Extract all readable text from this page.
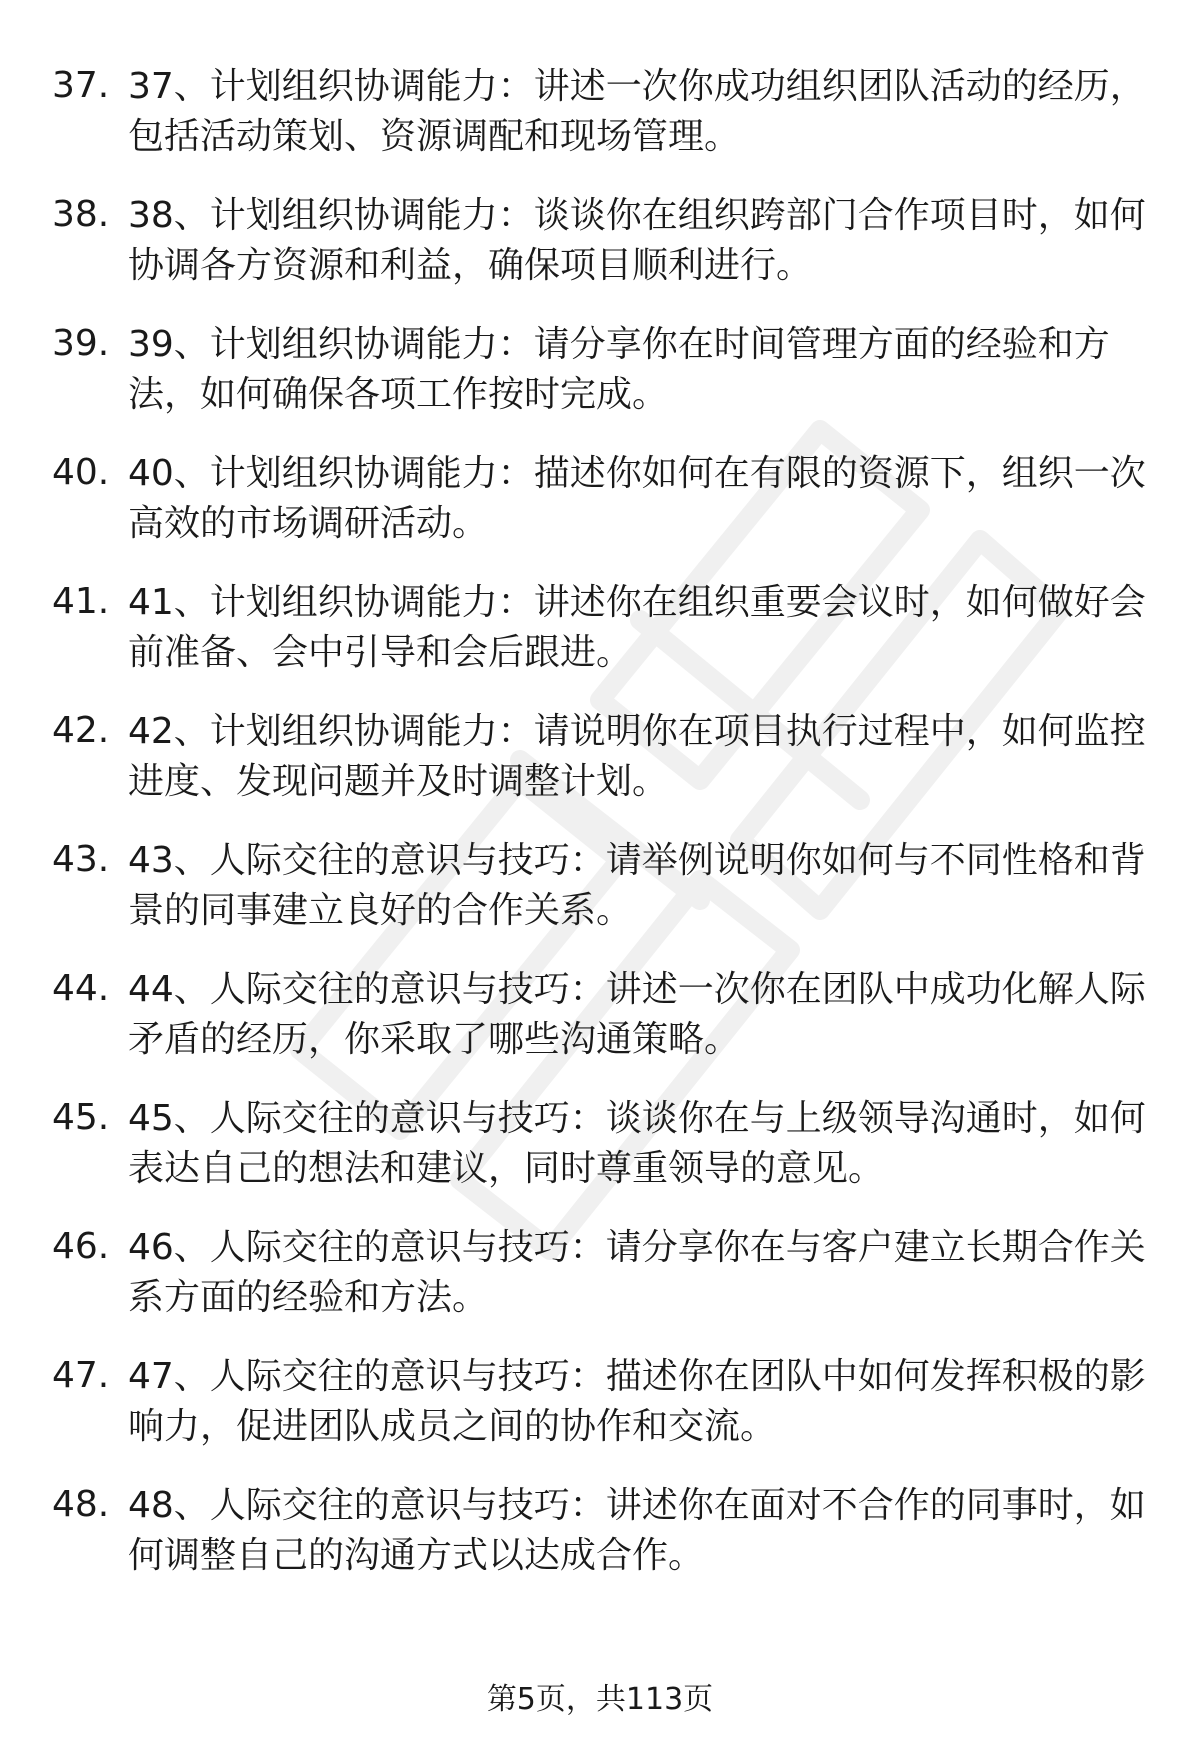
37. 37、计划组织协调能力：讲述一次你成功组织团队活动的经历，
包括活动策划、资源调配和现场管理。
38. 38、计划组织协调能力：谈谈你在组织跨部门合作项目时，如何
协调各方资源和利益，确保项目顺利进行。
39. 39、计划组织协调能力：请分享你在时间管理方面的经验和方
法，如何确保各项工作按时完成。
40. 40、计划组织协调能力：描述你如何在有限的资源下，组织一次
高效的市场调研活动。
41. 41、计划组织协调能力：讲述你在组织重要会议时，如何做好会
前准备、会中引导和会后跟进。
42. 42、计划组织协调能力：请说明你在项目执行过程中，如何监控
进度、发现问题并及时调整计划。
43. 43、人际交往的意识与技巧：请举例说明你如何与不同性格和背
景的同事建立良好的合作关系。
44. 44、人际交往的意识与技巧：讲述一次你在团队中成功化解人际
矛盾的经历，你采取了哪些沟通策略。
45. 45、人际交往的意识与技巧：谈谈你在与上级领导沟通时，如何
表达自己的想法和建议，同时尊重领导的意见。
46. 46、人际交往的意识与技巧：请分享你在与客户建立长期合作关
系方面的经验和方法。
47. 47、人际交往的意识与技巧：描述你在团队中如何发挥积极的影
响力，促进团队成员之间的协作和交流。
48. 48、人际交往的意识与技巧：讲述你在面对不合作的同事时，如
何调整自己的沟通方式以达成合作。
第5页，共113页
